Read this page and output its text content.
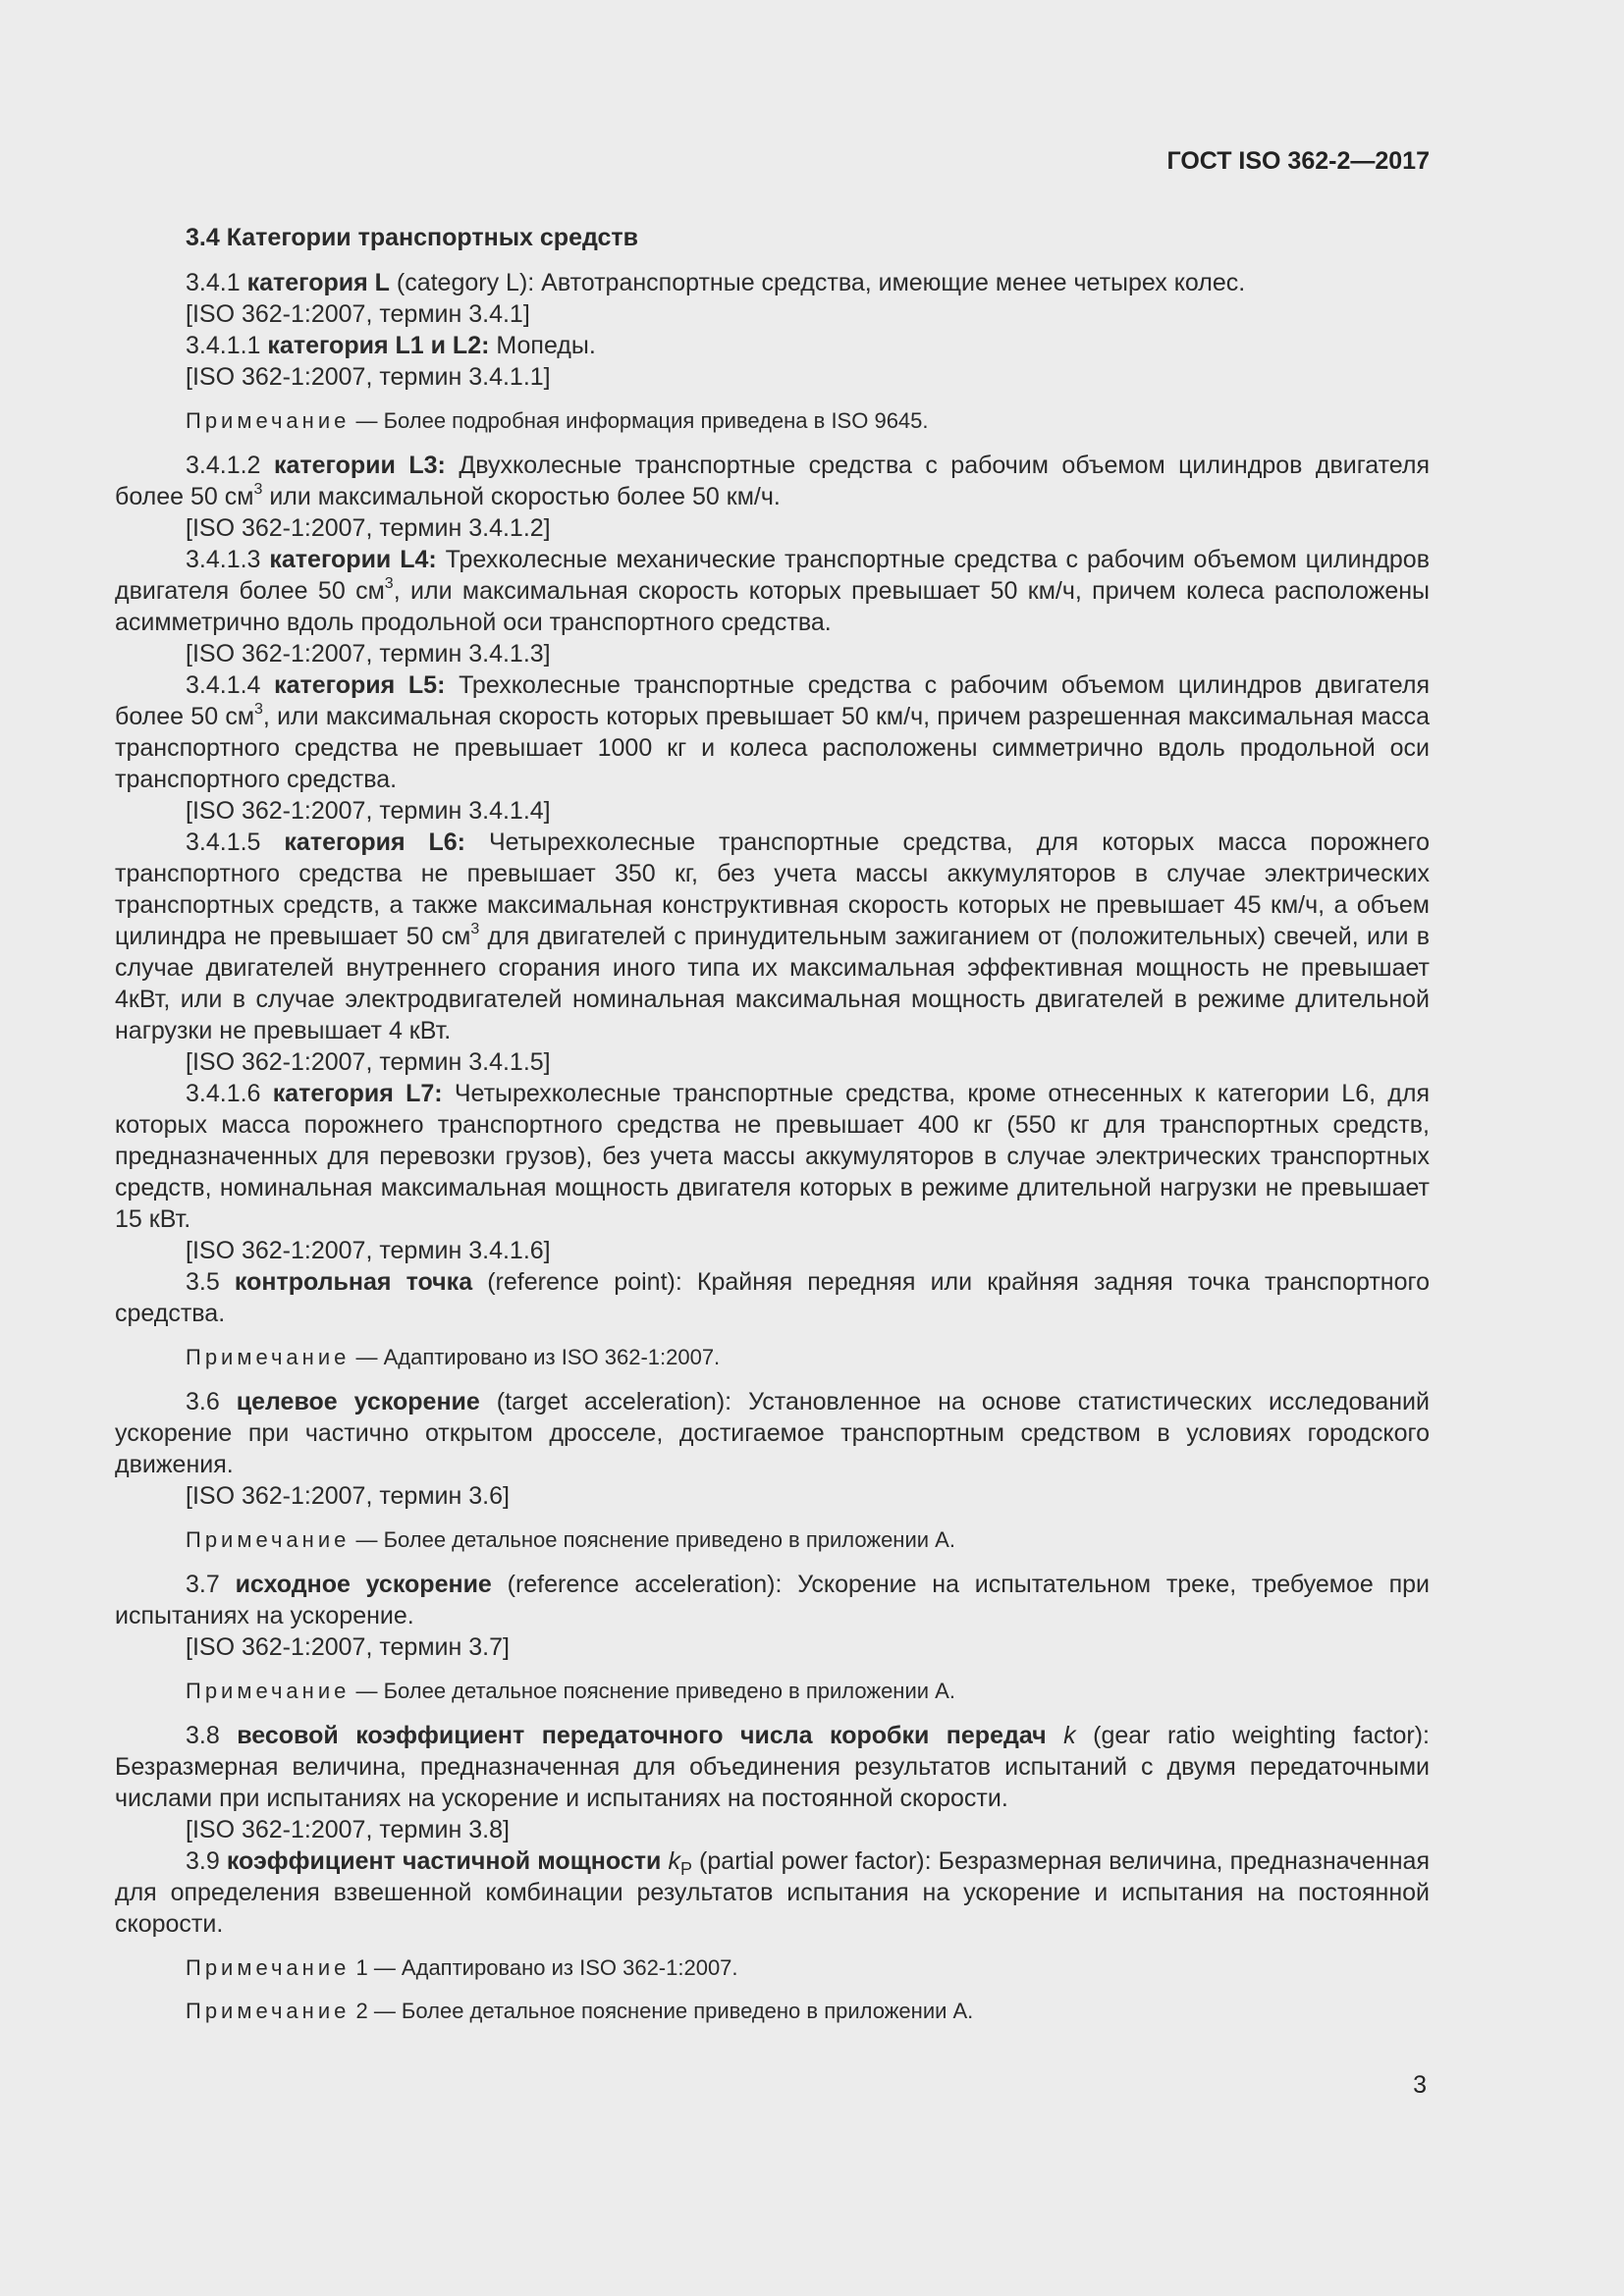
ГОСТ ISO 362-2—2017

3.4 Категории транспортных средств

3.4.1 категория L (category L): Автотранспортные средства, имеющие менее четырех колес.

[ISO 362-1:2007, термин 3.4.1]

3.4.1.1 категория L1 и L2: Мопеды.

[ISO 362-1:2007, термин 3.4.1.1]

Примечание — Более подробная информация приведена в ISO 9645.

3.4.1.2 категории L3: Двухколесные транспортные средства с рабочим объемом цилиндров двигателя более 50 $см^3$ или максимальной скоростью более 50 км/ч.

[ISO 362-1:2007, термин 3.4.1.2]

3.4.1.3 категории L4: Трехколесные механические транспортные средства с рабочим объемом цилиндров двигателя более 50 $см^3$, или максимальная скорость которых превышает 50 км/ч, причем колеса расположены асимметрично вдоль продольной оси транспортного средства.

[ISO 362-1:2007, термин 3.4.1.3]

3.4.1.4 категория L5: Трехколесные транспортные средства с рабочим объемом цилиндров двигателя более 50 $см^3$, или максимальная скорость которых превышает 50 км/ч, причем разрешенная максимальная масса транспортного средства не превышает 1000 кг и колеса расположены симметрично вдоль продольной оси транспортного средства.

[ISO 362-1:2007, термин 3.4.1.4]

3.4.1.5 категория L6: Четырехколесные транспортные средства, для которых масса порожнего транспортного средства не превышает 350 кг, без учета массы аккумуляторов в случае электрических транспортных средств, а также максимальная конструктивная скорость которых не превышает 45 км/ч, а объем цилиндра не превышает 50 $см^3$ для двигателей с принудительным зажиганием от (положительных) свечей, или в случае двигателей внутреннего сгорания иного типа их максимальная эффективная мощность не превышает 4кВт, или в случае электродвигателей номинальная максимальная мощность двигателей в режиме длительной нагрузки не превышает 4 кВт.

[ISO 362-1:2007, термин 3.4.1.5]

3.4.1.6 категория L7: Четырехколесные транспортные средства, кроме отнесенных к категории L6, для которых масса порожнего транспортного средства не превышает 400 кг (550 кг для транспортных средств, предназначенных для перевозки грузов), без учета массы аккумуляторов в случае электрических транспортных средств, номинальная максимальная мощность двигателя которых в режиме длительной нагрузки не превышает 15 кВт.

[ISO 362-1:2007, термин 3.4.1.6]

3.5 контрольная точка (reference point): Крайняя передняя или крайняя задняя точка транспортного средства.

Примечание — Адаптировано из ISO 362-1:2007.

3.6 целевое ускорение (target acceleration): Установленное на основе статистических исследований ускорение при частично открытом дросселе, достигаемое транспортным средством в условиях городского движения.

[ISO 362-1:2007, термин 3.6]

Примечание — Более детальное пояснение приведено в приложении А.

3.7 исходное ускорение (reference acceleration): Ускорение на испытательном треке, требуемое при испытаниях на ускорение.

[ISO 362-1:2007, термин 3.7]

Примечание — Более детальное пояснение приведено в приложении А.

3.8 весовой коэффициент передаточного числа коробки передач k (gear ratio weighting factor): Безразмерная величина, предназначенная для объединения результатов испытаний с двумя передаточными числами при испытаниях на ускорение и испытаниях на постоянной скорости.

[ISO 362-1:2007, термин 3.8]

3.9 коэффициент частичной мощности $k_P$ (partial power factor): Безразмерная величина, предназначенная для определения взвешенной комбинации результатов испытания на ускорение и испытания на постоянной скорости.

Примечание 1 — Адаптировано из ISO 362-1:2007.

Примечание 2 — Более детальное пояснение приведено в приложении А.

3
